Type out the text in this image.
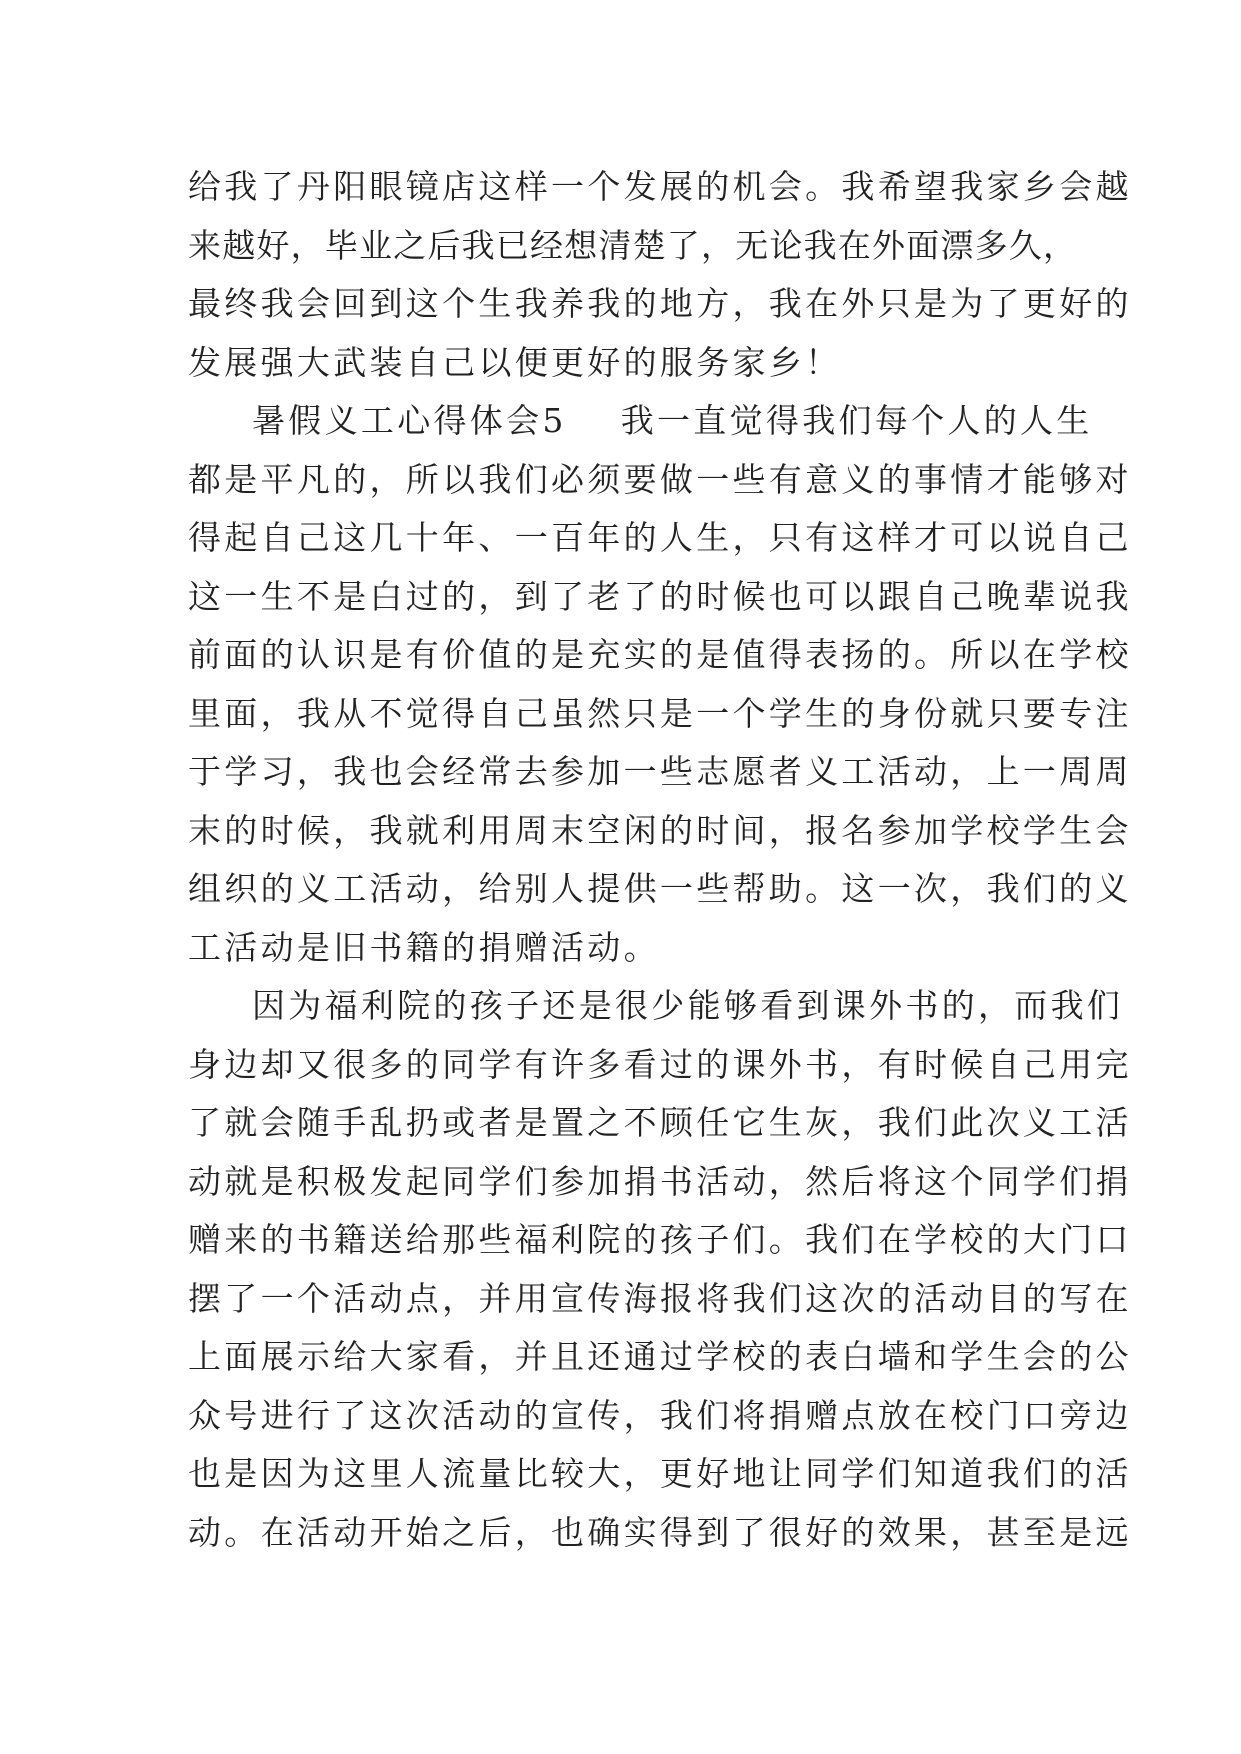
给我了丹阳眼镜店这样一个发展的机会。我希望我家乡会越
来越好，毕业之后我已经想清楚了，无论我在外面漂多久，
最终我会回到这个生我养我的地方，我在外只是为了更好的
发展强大武装自己以便更好的服务家乡！
暑假义工心得体会5 我一直觉得我们每个人的人生
都是平凡的，所以我们必须要做一些有意义的事情才能够对
得起自己这几十年、一百年的人生，只有这样才可以说自己
这一生不是白过的，到了老了的时候也可以跟自己晚辈说我
前面的认识是有价值的是充实的是值得表扬的。所以在学校
里面，我从不觉得自己虽然只是一个学生的身份就只要专注
于学习，我也会经常去参加一些志愿者义工活动，上一周周
末的时候，我就利用周末空闲的时间，报名参加学校学生会
组织的义工活动，给别人提供一些帮助。这一次，我们的义
工活动是旧书籍的捐赠活动。
因为福利院的孩子还是很少能够看到课外书的，而我们
身边却又很多的同学有许多看过的课外书，有时候自己用完
了就会随手乱扔或者是置之不顾任它生灰，我们此次义工活
动就是积极发起同学们参加捐书活动，然后将这个同学们捐
赠来的书籍送给那些福利院的孩子们。我们在学校的大门口
摆了一个活动点，并用宣传海报将我们这次的活动目的写在
上面展示给大家看，并且还通过学校的表白墙和学生会的公
众号进行了这次活动的宣传，我们将捐赠点放在校门口旁边
也是因为这里人流量比较大，更好地让同学们知道我们的活
动。在活动开始之后，也确实得到了很好的效果，甚至是远
